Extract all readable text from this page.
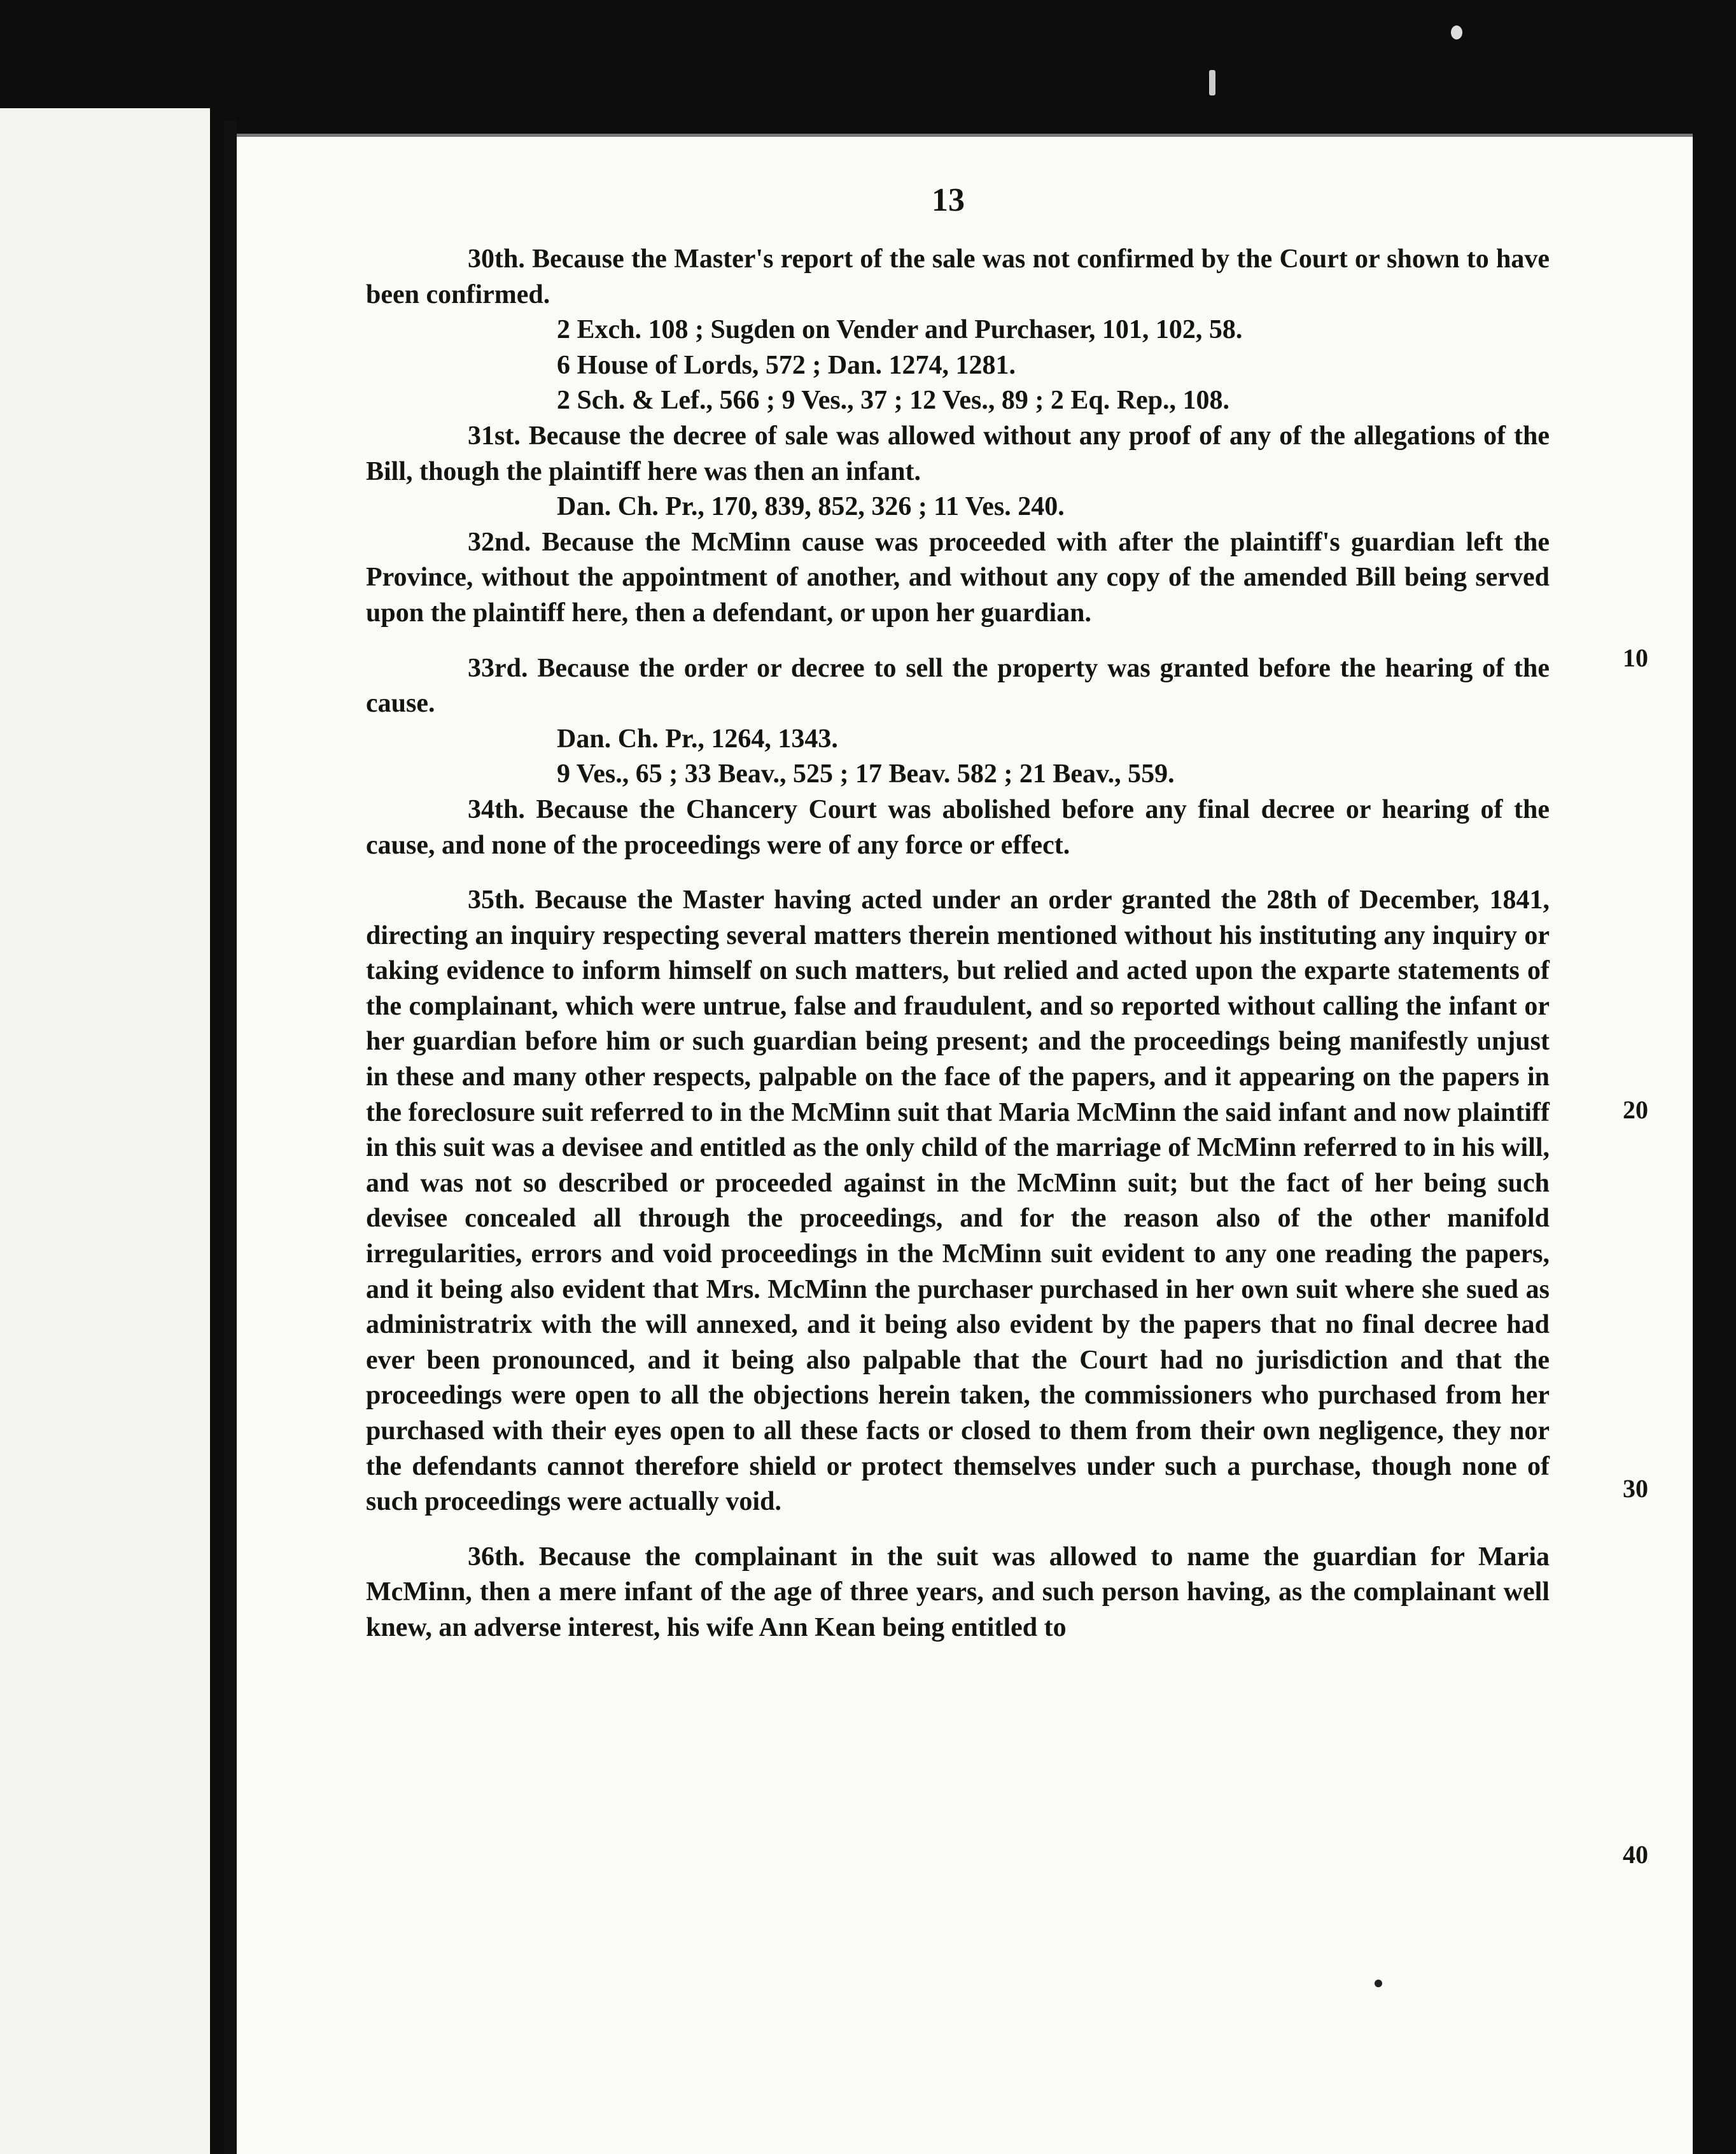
13

30th. Because the Master's report of the sale was not confirmed by the Court or shown to have been confirmed.

2 Exch. 108 ; Sugden on Vender and Purchaser, 101, 102, 58.

6 House of Lords, 572 ; Dan. 1274, 1281.

2 Sch. & Lef., 566 ; 9 Ves., 37 ; 12 Ves., 89 ; 2 Eq. Rep., 108.

31st. Because the decree of sale was allowed without any proof of any of the allegations of the Bill, though the plaintiff here was then an infant.

Dan. Ch. Pr., 170, 839, 852, 326 ; 11 Ves. 240.

32nd. Because the McMinn cause was proceeded with after the plaintiff's guardian left the Province, without the appointment of another, and without any copy of the amended Bill being served upon the plaintiff here, then a defendant, or upon her guardian.

33rd. Because the order or decree to sell the property was granted before the hearing of the cause.

Dan. Ch. Pr., 1264, 1343.

9 Ves., 65 ; 33 Beav., 525 ; 17 Beav. 582 ; 21 Beav., 559.

34th. Because the Chancery Court was abolished before any final decree or hearing of the cause, and none of the proceedings were of any force or effect.

35th. Because the Master having acted under an order granted the 28th of December, 1841, directing an inquiry respecting several matters therein mentioned without his instituting any inquiry or taking evidence to inform himself on such matters, but relied and acted upon the exparte statements of the complainant, which were untrue, false and fraudulent, and so reported without calling the infant or her guardian before him or such guardian being present; and the proceedings being manifestly unjust in these and many other respects, palpable on the face of the papers, and it appearing on the papers in the foreclosure suit referred to in the McMinn suit that Maria McMinn the said infant and now plaintiff in this suit was a devisee and entitled as the only child of the marriage of McMinn referred to in his will, and was not so described or proceeded against in the McMinn suit; but the fact of her being such devisee concealed all through the proceedings, and for the reason also of the other manifold irregularities, errors and void proceedings in the McMinn suit evident to any one reading the papers, and it being also evident that Mrs. McMinn the purchaser purchased in her own suit where she sued as administratrix with the will annexed, and it being also evident by the papers that no final decree had ever been pronounced, and it being also palpable that the Court had no jurisdiction and that the proceedings were open to all the objections herein taken, the commissioners who purchased from her purchased with their eyes open to all these facts or closed to them from their own negligence, they nor the defendants cannot therefore shield or protect themselves under such a purchase, though none of such proceedings were actually void.

36th. Because the complainant in the suit was allowed to name the guardian for Maria McMinn, then a mere infant of the age of three years, and such person having, as the complainant well knew, an adverse interest, his wife Ann Kean being entitled to

10
20
30
40
